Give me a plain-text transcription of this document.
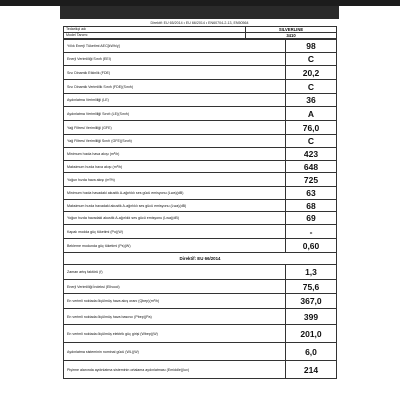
Direktif: EU 65/2014 • EU 66/2014 • EN60704-2-13, EN50564
Tedarikçi adı	SILVERLINE
Model Tanımı	3410
Yıllık Enerji Tüketimi AEC[kWh/y]	98
Enerji Verimliliği Sınıfı (EEI)	C
Sıvı Dinamik Etkinlik (FDE)	20,2
Sıvı Dinamik Verimlilik Sınıfı (FDE)(Sınıfı)	C
Aydınlatma Verimliliği (LE)	36
Aydınlatma Verimliliği Sınıfı (LE)(Sınıfı)	A
Yağ Filtresi Verimliliği (GFE)	76,0
Yağ Filtresi Verimliliği Sınıfı (GFE)(Sınıfı)	C
Minimum hızda hava akışı (m³/h)	423
Maksimum hızda hava akışı (m³/h)	648
Yoğun hızda hava akışı (m³/h)	725
Minimum hızda havadaki akustik A-ağırlıklı ses gücü emisyonu (Lwa)(dB)	63
Maksimum hızda havadaki akustik A-ağırlıklı ses gücü emisyonu (Lwa)(dB)	68
Yoğun hızda havadaki akustik A-ağırlıklı ses gücü emisyonu (Lwa)(dB)	69
Kapalı modda güç tüketimi (Po)(W)	-
Bekleme modunda güç tüketimi (Ps)(W)	0,60
Direktif: EU 66/2014	
Zaman artış faktörü (f)	1,3
Enerji Verimliliği İndeksi (EIhood)	75,6
En verimli noktada ölçülmüş hava akış oranı (Qbep)(m³/h)	367,0
En verimli noktada ölçülmüş hava basıncı (Pbep)(Pa)	399
En verimli noktada ölçülmüş elektrik güç girişi (Wbep)(W)	201,0
Aydınlatma sisteminin nominal gücü (WL)(W)	6,0
Pişirme alanında aydınlatma sisteminin ortalama aydınlatması (Emiddle)(lux)	214
